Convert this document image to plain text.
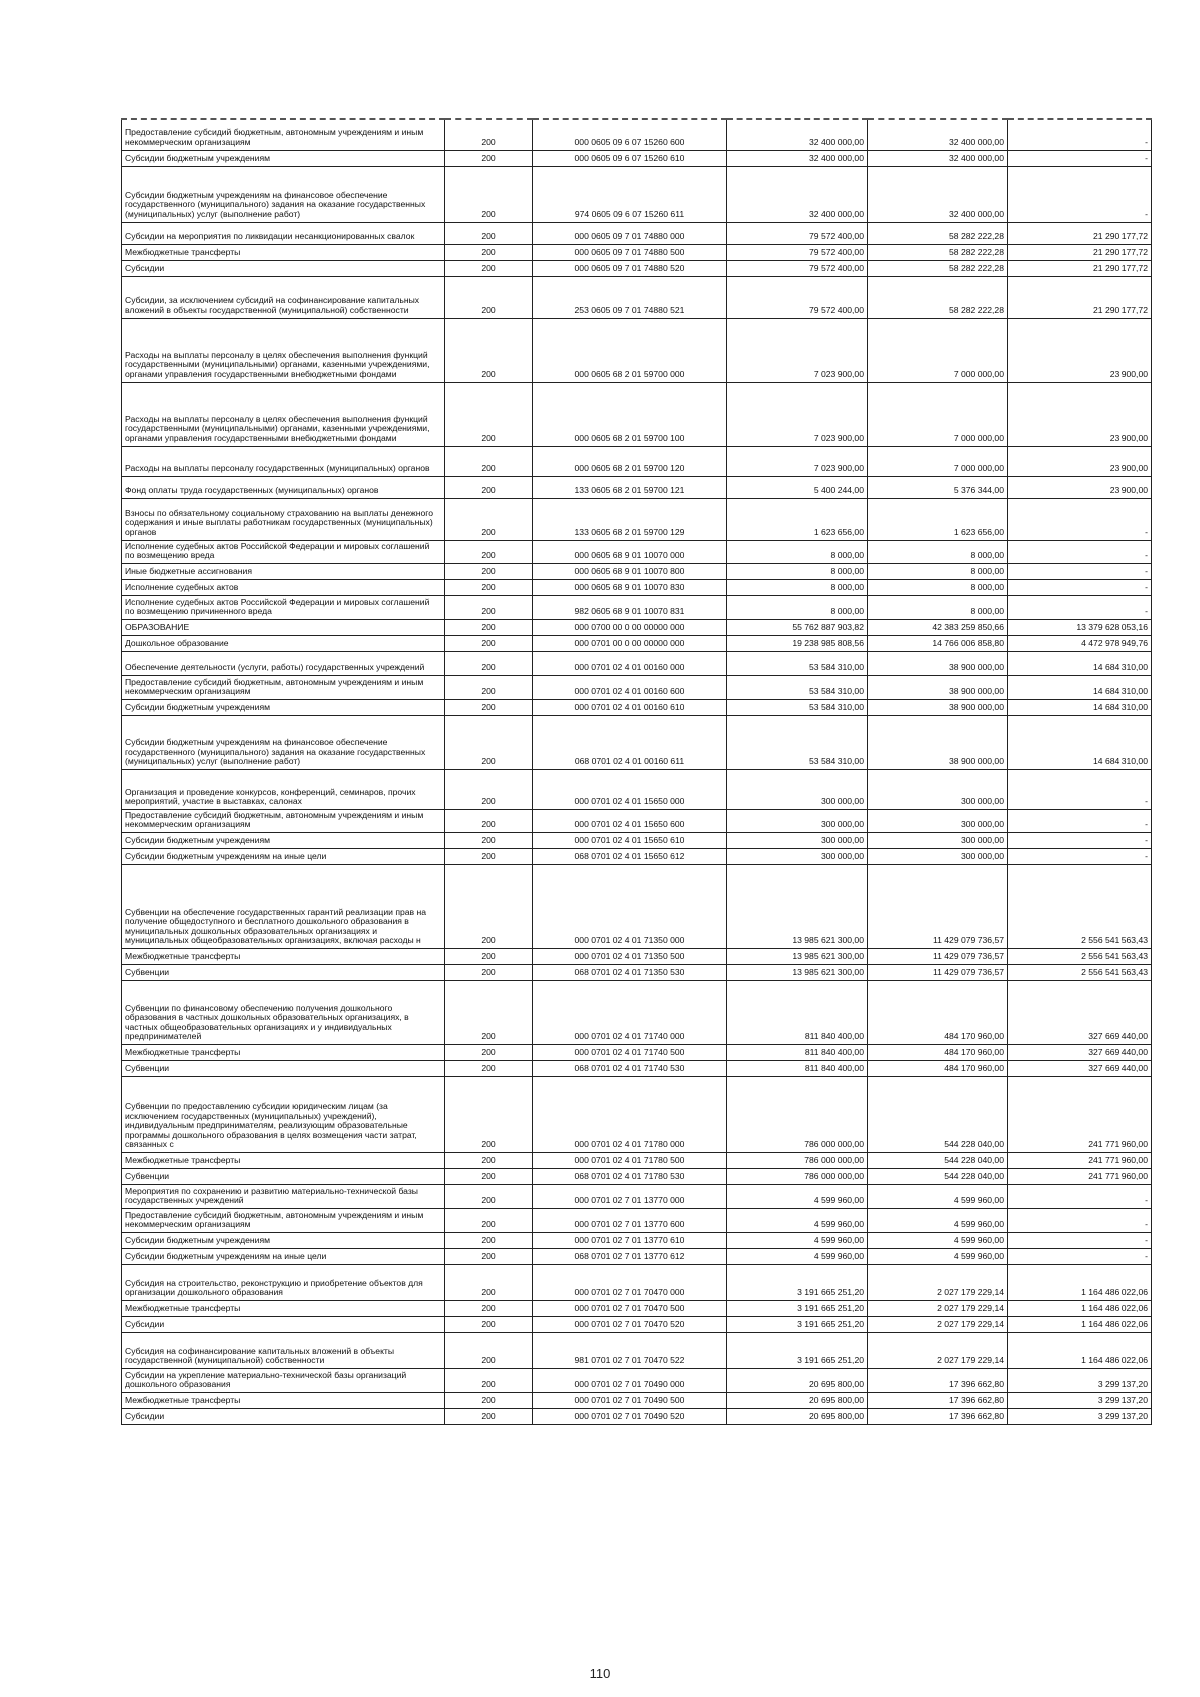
Предоставление субсидий бюджетным, автономным учреждениям и иным некоммерческим организациям	200	000 0605 09 6 07 15260 600	32 400 000,00	32 400 000,00	-
Субсидии бюджетным учреждениям	200	000 0605 09 6 07 15260 610	32 400 000,00	32 400 000,00	-
Субсидии бюджетным учреждениям на финансовое обеспечение государственного (муниципального) задания на оказание государственных (муниципальных) услуг (выполнение работ)	200	974 0605 09 6 07 15260 611	32 400 000,00	32 400 000,00	-
Субсидии на мероприятия по ликвидации несанкционированных свалок	200	000 0605 09 7 01 74880 000	79 572 400,00	58 282 222,28	21 290 177,72
Межбюджетные трансферты	200	000 0605 09 7 01 74880 500	79 572 400,00	58 282 222,28	21 290 177,72
Субсидии	200	000 0605 09 7 01 74880 520	79 572 400,00	58 282 222,28	21 290 177,72
Субсидии, за исключением субсидий на софинансирование капитальных вложений в объекты государственной (муниципальной) собственности	200	253 0605 09 7 01 74880 521	79 572 400,00	58 282 222,28	21 290 177,72
Расходы на выплаты персоналу в целях обеспечения выполнения функций государственными (муниципальными) органами, казенными учреждениями, органами управления государственными внебюджетными фондами	200	000 0605 68 2 01 59700 000	7 023 900,00	7 000 000,00	23 900,00
Расходы на выплаты персоналу в целях обеспечения выполнения функций государственными (муниципальными) органами, казенными учреждениями, органами управления государственными внебюджетными фондами	200	000 0605 68 2 01 59700 100	7 023 900,00	7 000 000,00	23 900,00
Расходы на выплаты персоналу государственных (муниципальных) органов	200	000 0605 68 2 01 59700 120	7 023 900,00	7 000 000,00	23 900,00
Фонд оплаты труда государственных (муниципальных) органов	200	133 0605 68 2 01 59700 121	5 400 244,00	5 376 344,00	23 900,00
Взносы по обязательному социальному страхованию на выплаты денежного содержания и иные выплаты работникам государственных (муниципальных) органов	200	133 0605 68 2 01 59700 129	1 623 656,00	1 623 656,00	-
Исполнение судебных актов Российской Федерации и мировых соглашений по возмещению вреда	200	000 0605 68 9 01 10070 000	8 000,00	8 000,00	-
Иные бюджетные ассигнования	200	000 0605 68 9 01 10070 800	8 000,00	8 000,00	-
Исполнение судебных актов	200	000 0605 68 9 01 10070 830	8 000,00	8 000,00	-
Исполнение судебных актов Российской Федерации и мировых соглашений по возмещению причиненного вреда	200	982 0605 68 9 01 10070 831	8 000,00	8 000,00	-
ОБРАЗОВАНИЕ	200	000 0700 00 0 00 00000 000	55 762 887 903,82	42 383 259 850,66	13 379 628 053,16
Дошкольное образование	200	000 0701 00 0 00 00000 000	19 238 985 808,56	14 766 006 858,80	4 472 978 949,76
Обеспечение деятельности (услуги, работы) государственных учреждений	200	000 0701 02 4 01 00160 000	53 584 310,00	38 900 000,00	14 684 310,00
Предоставление субсидий бюджетным, автономным учреждениям и иным некоммерческим организациям	200	000 0701 02 4 01 00160 600	53 584 310,00	38 900 000,00	14 684 310,00
Субсидии бюджетным учреждениям	200	000 0701 02 4 01 00160 610	53 584 310,00	38 900 000,00	14 684 310,00
Субсидии бюджетным учреждениям на финансовое обеспечение государственного (муниципального) задания на оказание государственных (муниципальных) услуг (выполнение работ)	200	068 0701 02 4 01 00160 611	53 584 310,00	38 900 000,00	14 684 310,00
Организация и проведение конкурсов, конференций, семинаров, прочих мероприятий, участие в выставках, салонах	200	000 0701 02 4 01 15650 000	300 000,00	300 000,00	-
Предоставление субсидий бюджетным, автономным учреждениям и иным некоммерческим организациям	200	000 0701 02 4 01 15650 600	300 000,00	300 000,00	-
Субсидии бюджетным учреждениям	200	000 0701 02 4 01 15650 610	300 000,00	300 000,00	-
Субсидии бюджетным учреждениям на иные цели	200	068 0701 02 4 01 15650 612	300 000,00	300 000,00	-
Субвенции на обеспечение государственных гарантий реализации прав на получение общедоступного и бесплатного дошкольного образования в муниципальных дошкольных образовательных организациях и муниципальных общеобразовательных организациях, включая расходы н	200	000 0701 02 4 01 71350 000	13 985 621 300,00	11 429 079 736,57	2 556 541 563,43
Межбюджетные трансферты	200	000 0701 02 4 01 71350 500	13 985 621 300,00	11 429 079 736,57	2 556 541 563,43
Субвенции	200	068 0701 02 4 01 71350 530	13 985 621 300,00	11 429 079 736,57	2 556 541 563,43
Субвенции по финансовому обеспечению получения дошкольного образования в частных дошкольных образовательных организациях, в частных общеобразовательных организациях и у индивидуальных предпринимателей	200	000 0701 02 4 01 71740 000	811 840 400,00	484 170 960,00	327 669 440,00
Межбюджетные трансферты	200	000 0701 02 4 01 71740 500	811 840 400,00	484 170 960,00	327 669 440,00
Субвенции	200	068 0701 02 4 01 71740 530	811 840 400,00	484 170 960,00	327 669 440,00
Субвенции по предоставлению субсидии юридическим лицам (за исключением государственных (муниципальных) учреждений), индивидуальным предпринимателям, реализующим образовательные программы дошкольного образования в целях возмещения части затрат, связанных с	200	000 0701 02 4 01 71780 000	786 000 000,00	544 228 040,00	241 771 960,00
Межбюджетные трансферты	200	000 0701 02 4 01 71780 500	786 000 000,00	544 228 040,00	241 771 960,00
Субвенции	200	068 0701 02 4 01 71780 530	786 000 000,00	544 228 040,00	241 771 960,00
Мероприятия по сохранению и развитию материально-технической базы государственных учреждений	200	000 0701 02 7 01 13770 000	4 599 960,00	4 599 960,00	-
Предоставление субсидий бюджетным, автономным учреждениям и иным некоммерческим организациям	200	000 0701 02 7 01 13770 600	4 599 960,00	4 599 960,00	-
Субсидии бюджетным учреждениям	200	000 0701 02 7 01 13770 610	4 599 960,00	4 599 960,00	-
Субсидии бюджетным учреждениям на иные цели	200	068 0701 02 7 01 13770 612	4 599 960,00	4 599 960,00	-
Субсидия на строительство, реконструкцию и приобретение объектов для организации дошкольного образования	200	000 0701 02 7 01 70470 000	3 191 665 251,20	2 027 179 229,14	1 164 486 022,06
Межбюджетные трансферты	200	000 0701 02 7 01 70470 500	3 191 665 251,20	2 027 179 229,14	1 164 486 022,06
Субсидии	200	000 0701 02 7 01 70470 520	3 191 665 251,20	2 027 179 229,14	1 164 486 022,06
Субсидия на софинансирование капитальных вложений в объекты государственной (муниципальной) собственности	200	981 0701 02 7 01 70470 522	3 191 665 251,20	2 027 179 229,14	1 164 486 022,06
Субсидии на укрепление материально-технической базы организаций дошкольного образования	200	000 0701 02 7 01 70490 000	20 695 800,00	17 396 662,80	3 299 137,20
Межбюджетные трансферты	200	000 0701 02 7 01 70490 500	20 695 800,00	17 396 662,80	3 299 137,20
Субсидии	200	000 0701 02 7 01 70490 520	20 695 800,00	17 396 662,80	3 299 137,20
110
